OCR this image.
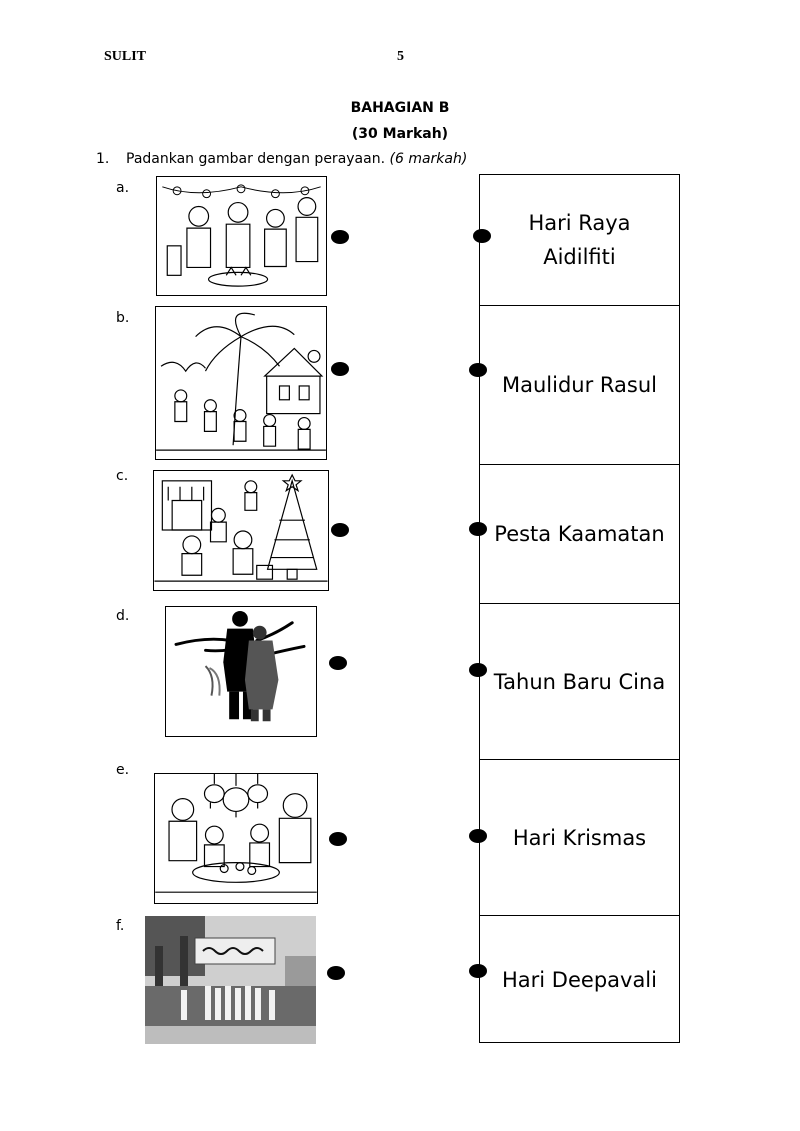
SULIT	5
BAHAGIAN B
(30 Markah)
1. Padankan gambar dengan perayaan. (6 markah)
a.
b.
c.
d.
e.
f.
Hari Raya
Aidilfiti
Maulidur Rasul
Pesta Kaamatan
Tahun Baru Cina
Hari Krismas
Hari Deepavali
